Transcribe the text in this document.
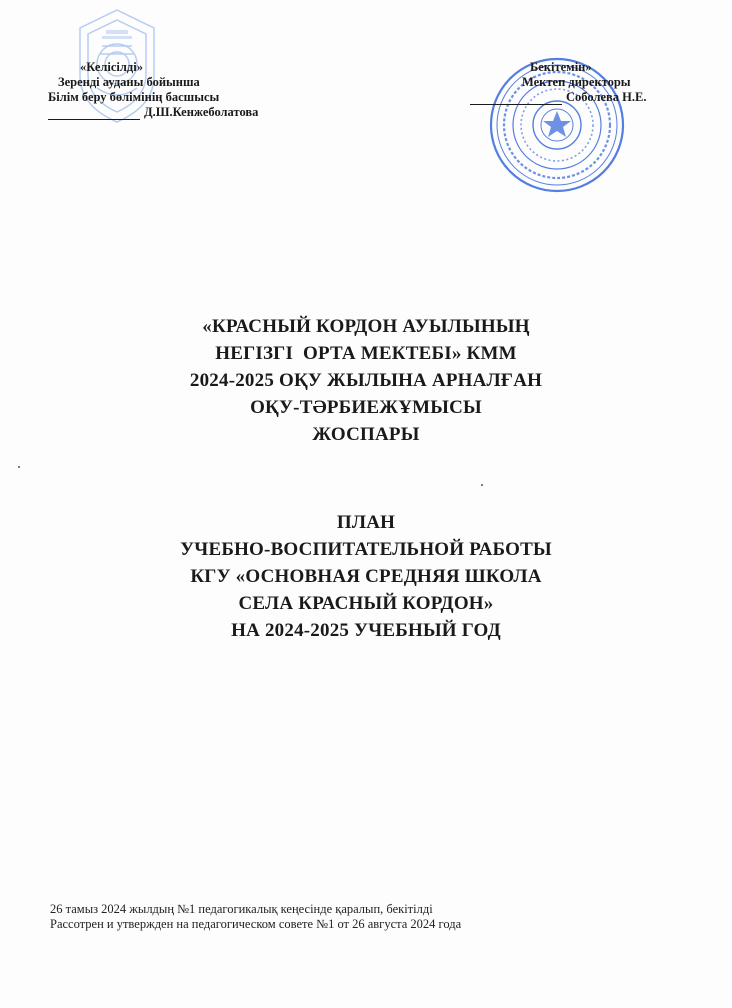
«Келісілді»
Зеренді ауданы бойынша
Білім беру бөлімінің басшысы
Д.Ш.Кенжеболатова
Бекітемін»
Мектеп директоры
Соболева Н.Е.
«КРАСНЫЙ КОРДОН АУЫЛЫНЫҢ
НЕГІЗГІ  ОРТА МЕКТЕБІ» КММ
2024-2025 ОҚУ ЖЫЛЫНА АРНАЛҒАН
ОҚУ-ТӘРБИЕЖҰМЫСЫ
ЖОСПАРЫ
ПЛАН
УЧЕБНО-ВОСПИТАТЕЛЬНОЙ РАБОТЫ
КГУ «ОСНОВНАЯ СРЕДНЯЯ ШКОЛА
СЕЛА КРАСНЫЙ КОРДОН»
НА 2024-2025 УЧЕБНЫЙ ГОД
26 тамыз 2024 жылдың №1 педагогикалық кеңесінде қаралып, бекітілді
Рассотрен и утвержден на педагогическом совете №1 от 26 августа 2024 года
